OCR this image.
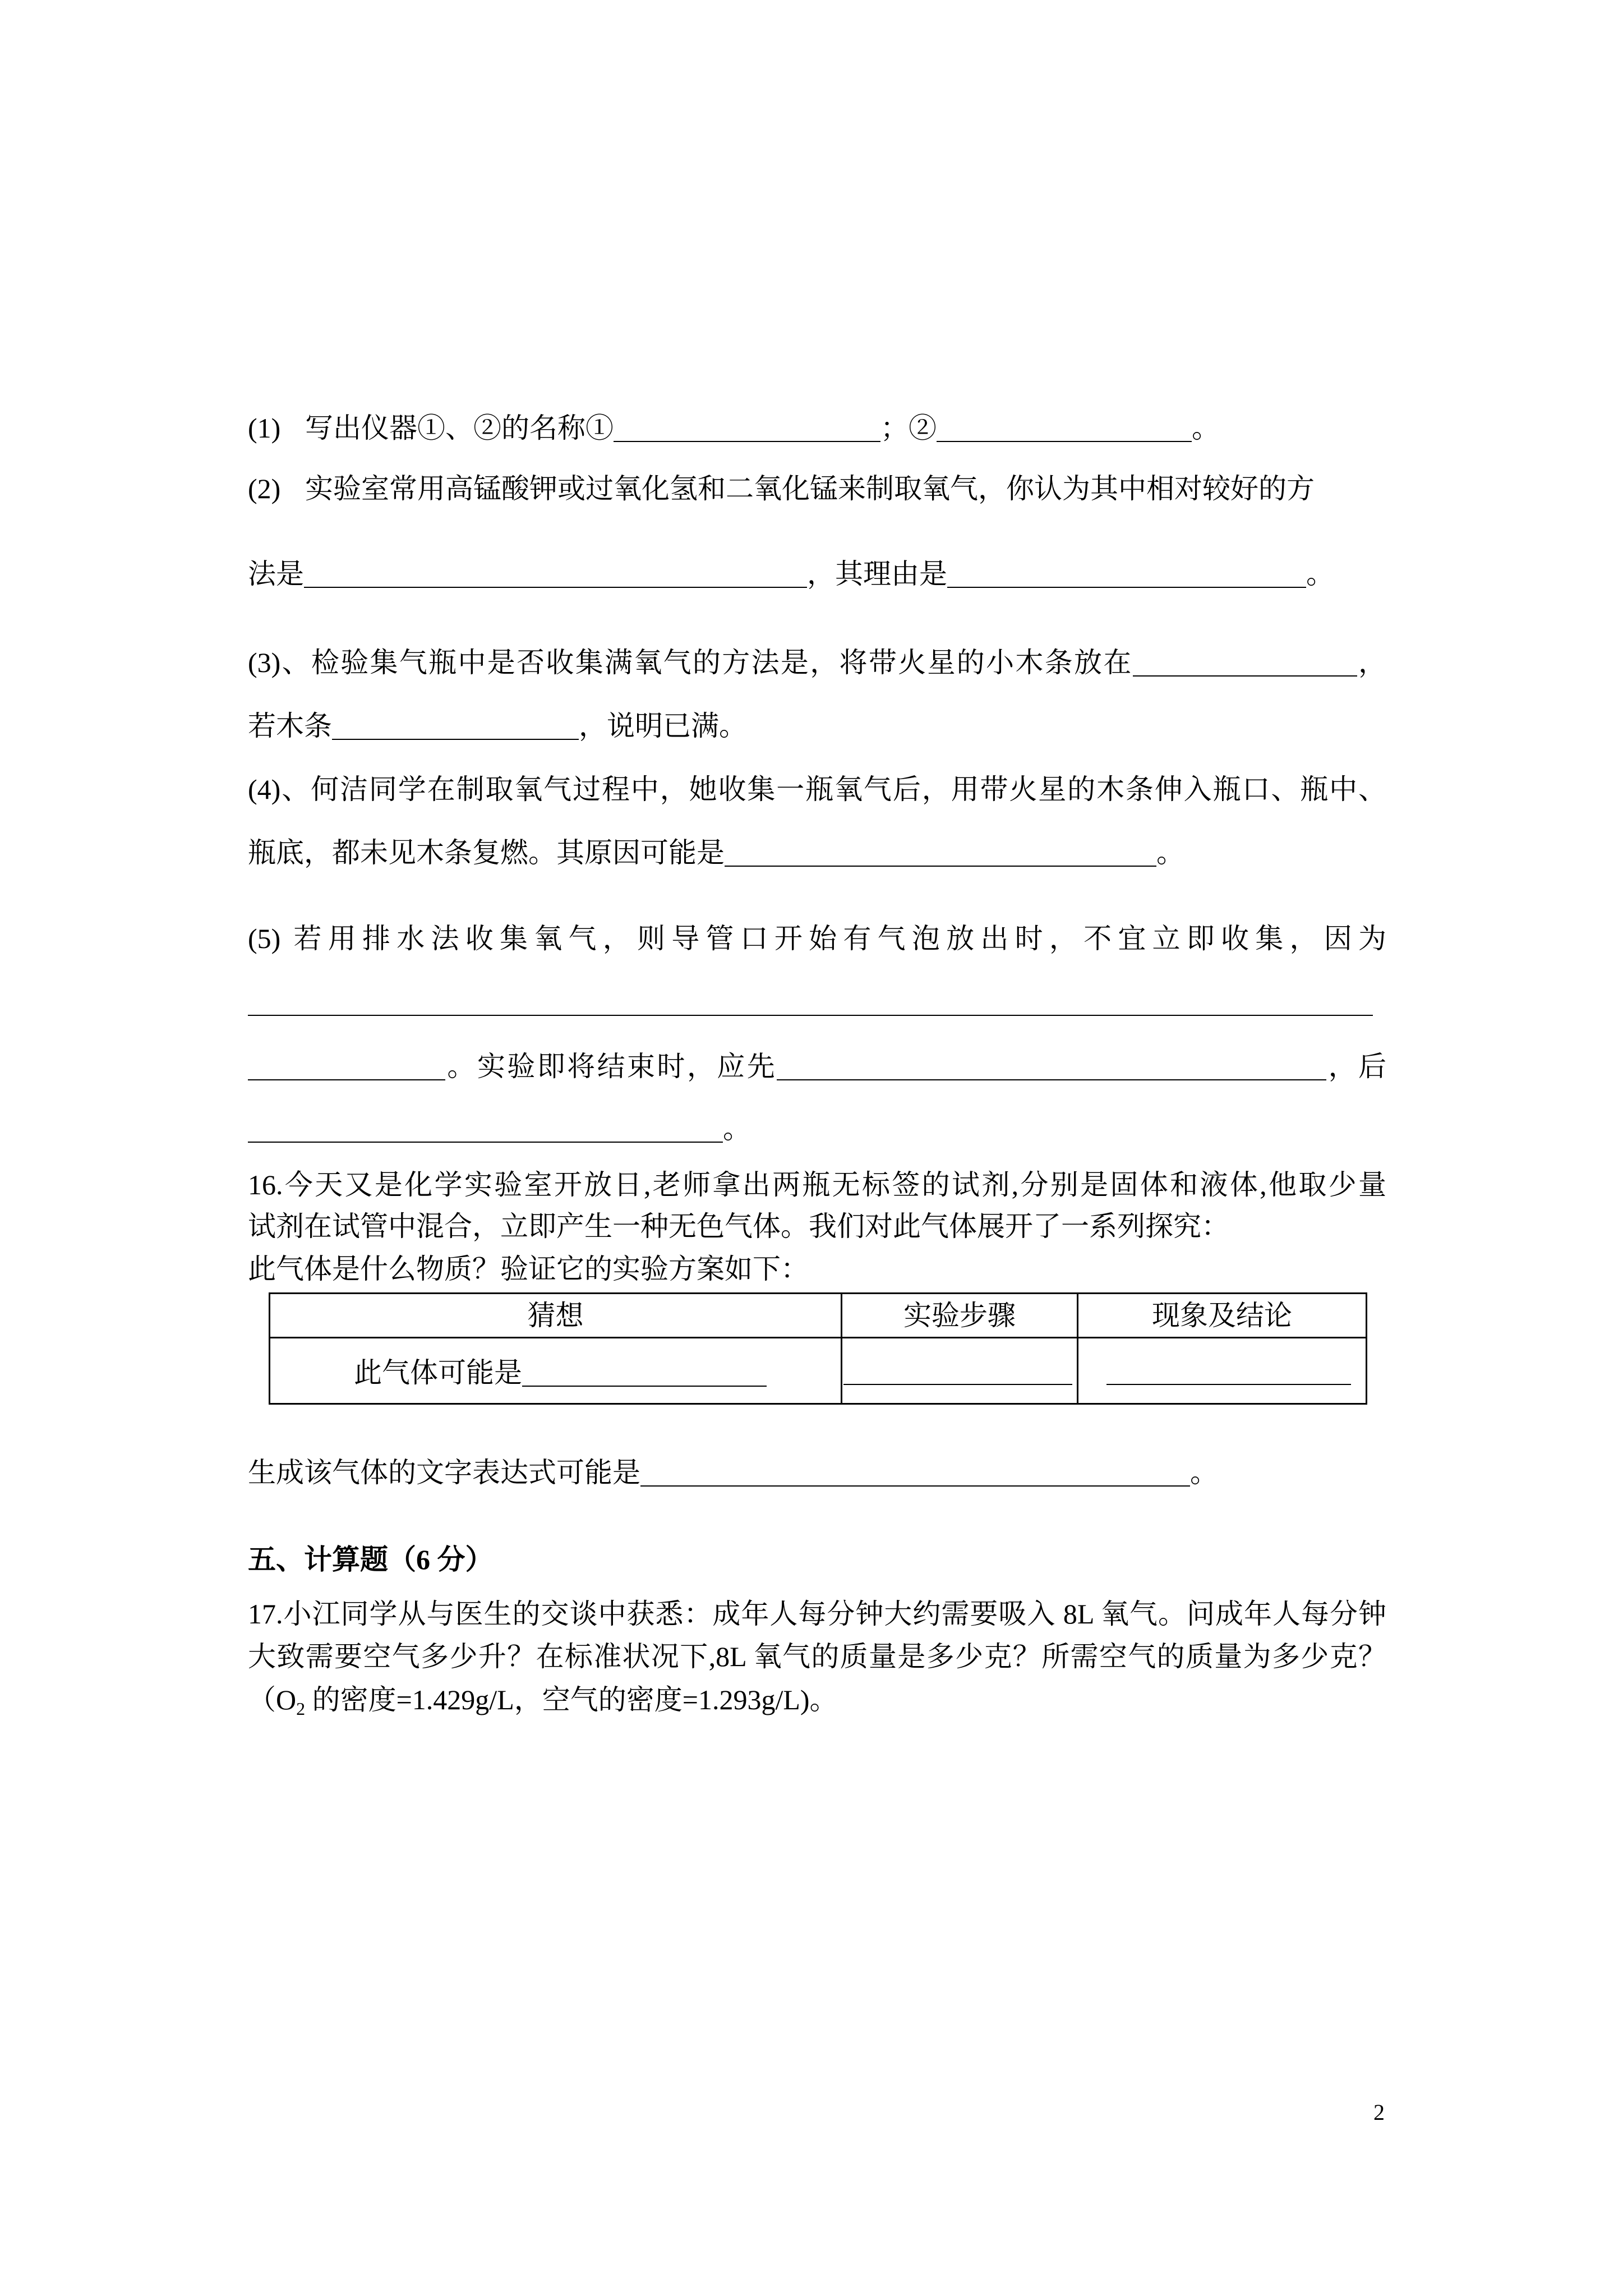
(1) 写出仪器①、②的名称①	；②	。
(2) 实验室常用高锰酸钾或过氧化氢和二氧化锰来制取氧气，你认为其中相对较好的方
法是	，其理由是	。
(3)、检验集气瓶中是否收集满氧气的方法是，将带火星的小木条放在	，
若木条	，说明已满。
(4)、何洁同学在制取氧气过程中，她收集一瓶氧气后，用带火星的木条伸入瓶口、瓶中、
瓶底，都未见木条复燃。其原因可能是	。
(5) 若用排水法收集氧气，则导管口开始有气泡放出时，不宜立即收集，因为
。实验即将结束时，应先	，后
。
16.今天又是化学实验室开放日,老师拿出两瓶无标签的试剂,分别是固体和液体,他取少量
试剂在试管中混合，立即产生一种无色气体。我们对此气体展开了一系列探究：
此气体是什么物质？验证它的实验方案如下：
猜想	实验步骤	现象及结论
此气体可能是	

生成该气体的文字表达式可能是	。
五、计算题（6 分）
17.小江同学从与医生的交谈中获悉：成年人每分钟大约需要吸入 8L 氧气。问成年人每分钟
大致需要空气多少升？在标准状况下,8L 氧气的质量是多少克？所需空气的质量为多少克？
（$O_2$ 的密度=1.429g/L，空气的密度=1.293g/L)。
2
